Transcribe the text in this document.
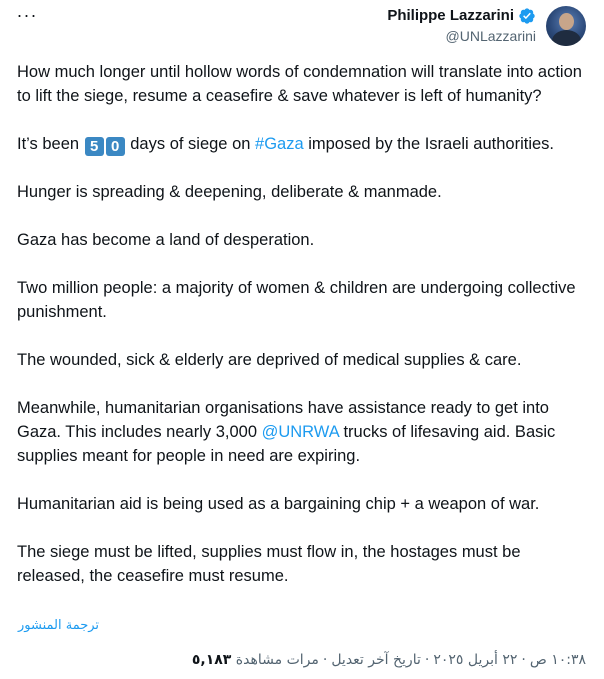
···	Philippe Lazzarini
@UNLazzarini

How much longer until hollow words of condemnation will translate into action to lift the siege, resume a ceasefire & save whatever is left of humanity?

It’s been 5 0 days of siege on #Gaza imposed by the Israeli authorities.

Hunger is spreading & deepening, deliberate & manmade.

Gaza has become a land of desperation.

Two million people: a majority of women & children are undergoing collective punishment.

The wounded, sick & elderly are deprived of medical supplies & care.

Meanwhile, humanitarian organisations have assistance ready to get into Gaza. This includes nearly 3,000 @UNRWA trucks of lifesaving aid. Basic supplies meant for people in need are expiring.

Humanitarian aid is being used as a bargaining chip + a weapon of war.

The siege must be lifted, supplies must flow in, the hostages must be released, the ceasefire must resume.

ترجمة المنشور
١٠:٣٨ ص·٢٢ أبريل ٢٠٢٥·تاريخ آخر تعديل·مرات مشاهدة ٥,١٨٣
